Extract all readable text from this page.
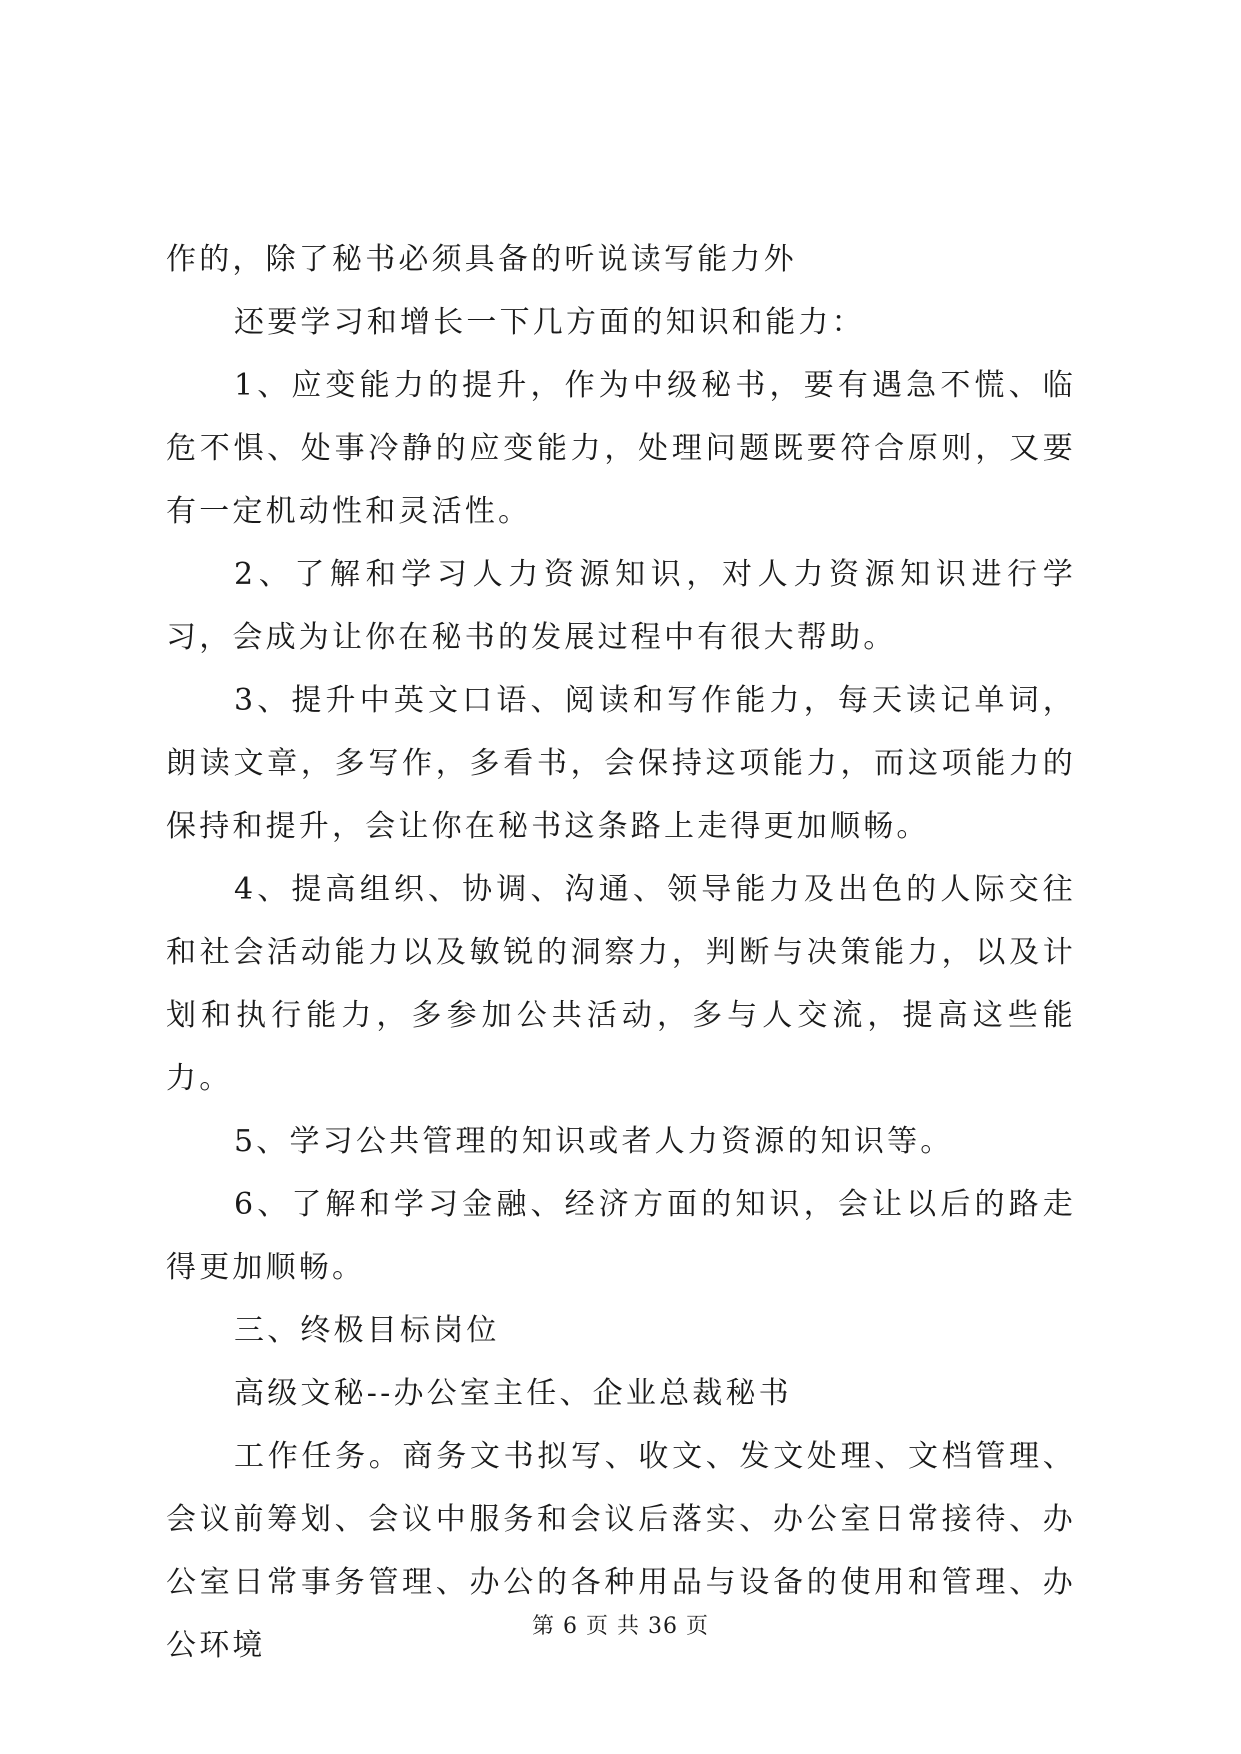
作的，除了秘书必须具备的听说读写能力外

还要学习和增长一下几方面的知识和能力：

1、应变能力的提升，作为中级秘书，要有遇急不慌、临危不惧、处事冷静的应变能力，处理问题既要符合原则，又要有一定机动性和灵活性。

2、了解和学习人力资源知识，对人力资源知识进行学习，会成为让你在秘书的发展过程中有很大帮助。

3、提升中英文口语、阅读和写作能力，每天读记单词，朗读文章，多写作，多看书，会保持这项能力，而这项能力的保持和提升，会让你在秘书这条路上走得更加顺畅。

4、提高组织、协调、沟通、领导能力及出色的人际交往和社会活动能力以及敏锐的洞察力，判断与决策能力，以及计划和执行能力，多参加公共活动，多与人交流，提高这些能力。

5、学习公共管理的知识或者人力资源的知识等。

6、了解和学习金融、经济方面的知识，会让以后的路走得更加顺畅。

三、终极目标岗位

高级文秘--办公室主任、企业总裁秘书

工作任务。商务文书拟写、收文、发文处理、文档管理、会议前筹划、会议中服务和会议后落实、办公室日常接待、办公室日常事务管理、办公的各种用品与设备的使用和管理、办公环境

第 6 页 共 36 页
